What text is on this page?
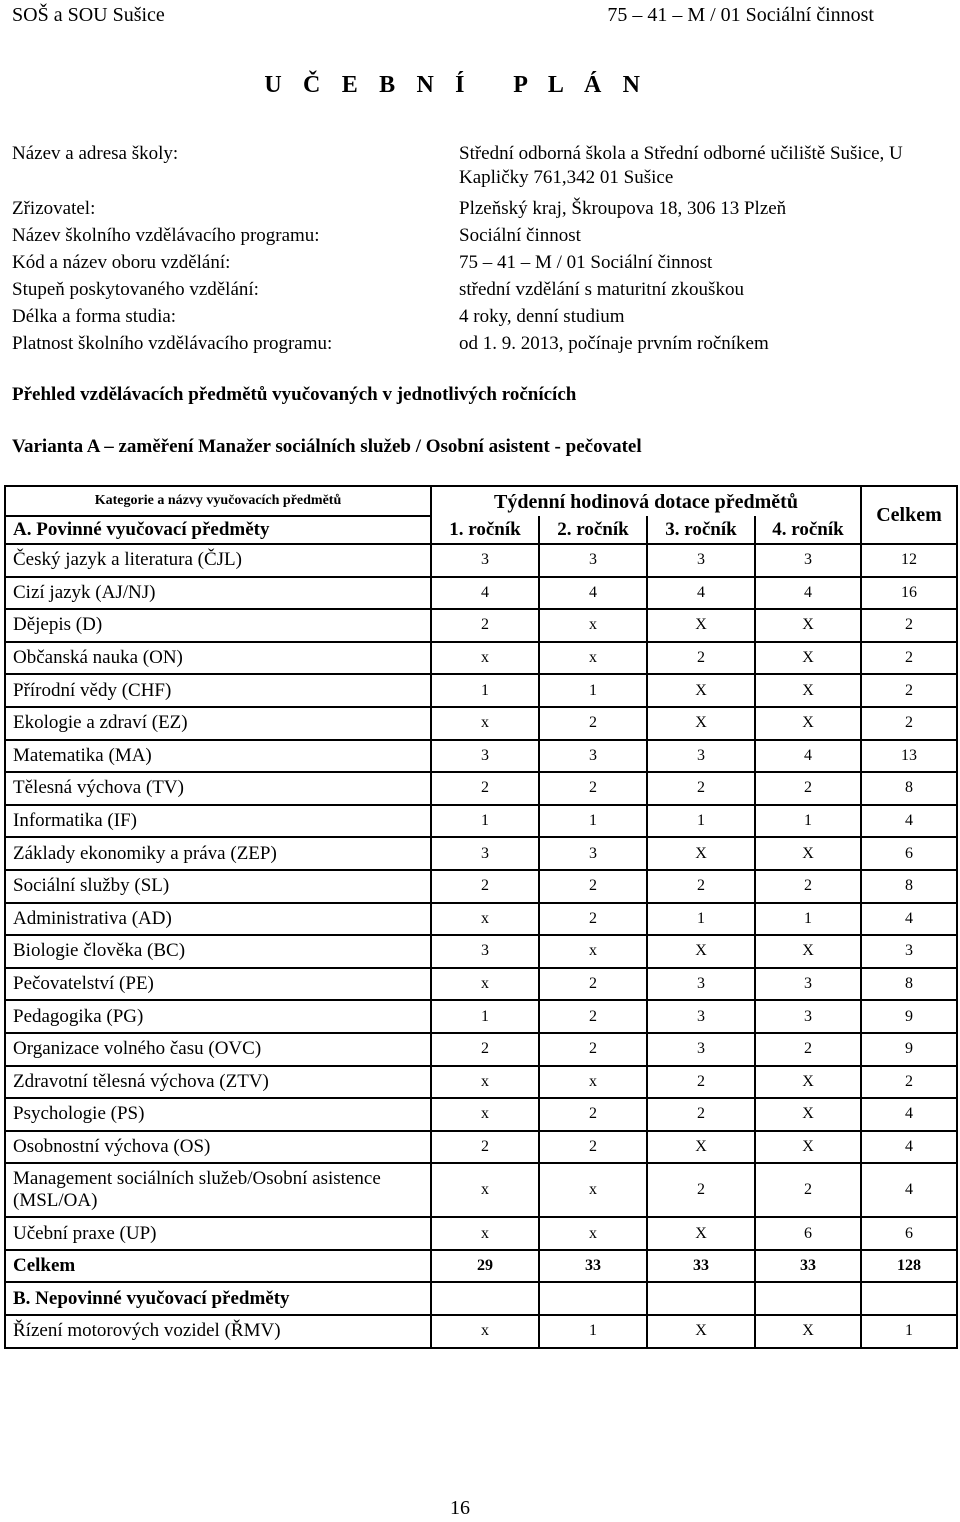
SOŠ a SOU Sušice	75 – 41 – M / 01 Sociální činnost
U Č E B N Í   P L Á N
Název a adresa školy:	Střední odborná škola a Střední odborné učiliště Sušice, U Kapličky 761,342 01 Sušice
Zřizovatel:	Plzeňský kraj, Škroupova 18, 306 13 Plzeň
Název školního vzdělávacího programu:	Sociální činnost
Kód a název oboru vzdělání:	75 – 41 – M / 01 Sociální činnost
Stupeň poskytovaného vzdělání:	střední vzdělání s maturitní zkouškou
Délka a forma studia:	4 roky, denní studium
Platnost školního vzdělávacího programu:	od 1. 9. 2013, počínaje prvním ročníkem
Přehled vzdělávacích předmětů vyučovaných v jednotlivých ročnících
Varianta A – zaměření Manažer sociálních služeb / Osobní asistent - pečovatel
Kategorie a názvy vyučovacích předmětů	Týdenní hodinová dotace předmětů				Celkem
A. Povinné vyučovací předměty	1. ročník	2. ročník	3. ročník	4. ročník	
Český jazyk a literatura (ČJL)	3	3	3	3	12
Cizí jazyk (AJ/NJ)	4	4	4	4	16
Dějepis (D)	2	x	X	X	2
Občanská nauka (ON)	x	x	2	X	2
Přírodní vědy (CHF)	1	1	X	X	2
Ekologie a zdraví (EZ)	x	2	X	X	2
Matematika (MA)	3	3	3	4	13
Tělesná výchova (TV)	2	2	2	2	8
Informatika (IF)	1	1	1	1	4
Základy ekonomiky a práva (ZEP)	3	3	X	X	6
Sociální služby (SL)	2	2	2	2	8
Administrativa (AD)	x	2	1	1	4
Biologie člověka (BC)	3	x	X	X	3
Pečovatelství (PE)	x	2	3	3	8
Pedagogika (PG)	1	2	3	3	9
Organizace volného času (OVC)	2	2	3	2	9
Zdravotní tělesná výchova (ZTV)	x	x	2	X	2
Psychologie (PS)	x	2	2	X	4
Osobnostní výchova (OS)	2	2	X	X	4
Management sociálních služeb/Osobní asistence (MSL/OA)	x	x	2	2	4
Učební praxe (UP)	x	x	X	6	6
Celkem	29	33	33	33	128
B. Nepovinné vyučovací předměty					
Řízení motorových vozidel (ŘMV)	x	1	X	X	1
16
